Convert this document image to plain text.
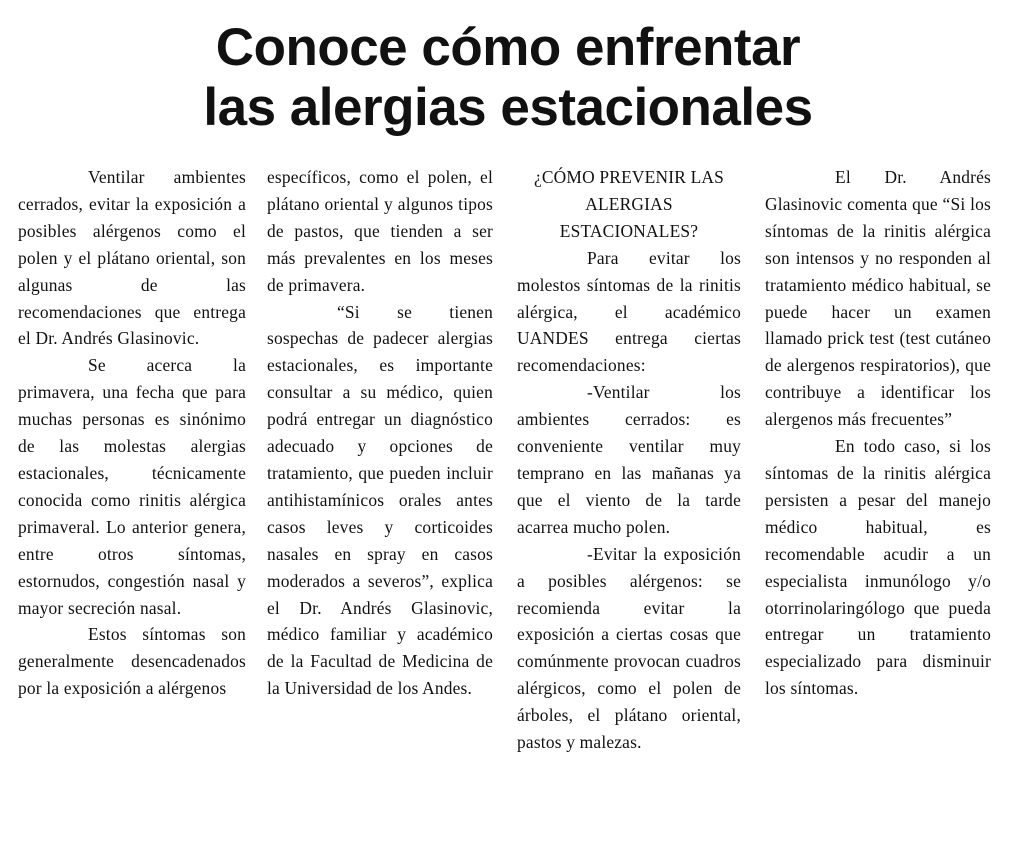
Conoce cómo enfrentar
las alergias estacionales

Ventilar ambientes cerrados, evitar la exposición a posibles alérgenos como el polen y el plátano oriental, son algunas de las recomendaciones que entrega el Dr. Andrés Glasinovic.

Se acerca la primavera, una fecha que para muchas personas es sinónimo de las molestas alergias estacionales, técnicamente conocida como rinitis alérgica primaveral. Lo anterior genera, entre otros síntomas, estornudos, congestión nasal y mayor secreción nasal.

Estos síntomas son generalmente desencadenados por la exposición a alérgenos

específicos, como el polen, el plátano oriental y algunos tipos de pastos, que tienden a ser más prevalentes en los meses de primavera.

“Si se tienen sospechas de padecer alergias estacionales, es importante consultar a su médico, quien podrá entregar un diagnóstico adecuado y opciones de tratamiento, que pueden incluir antihistamínicos orales antes casos leves y corticoides nasales en spray en casos moderados a severos”, explica el Dr. Andrés Glasinovic, médico familiar y académico de la Facultad de Medicina de la Universidad de los Andes.

¿CÓMO PREVENIR LAS ALERGIAS ESTACIONALES?

Para evitar los molestos síntomas de la rinitis alérgica, el académico UANDES entrega ciertas recomendaciones:

-Ventilar los ambientes cerrados: es conveniente ventilar muy temprano en las mañanas ya que el viento de la tarde acarrea mucho polen.

-Evitar la exposición a posibles alérgenos: se recomienda evitar la exposición a ciertas cosas que comúnmente provocan cuadros alérgicos, como el polen de árboles, el plátano oriental, pastos y malezas.

El Dr. Andrés Glasinovic comenta que “Si los síntomas de la rinitis alérgica son intensos y no responden al tratamiento médico habitual, se puede hacer un examen llamado prick test (test cutáneo de alergenos respiratorios), que contribuye a identificar los alergenos más frecuentes”

En todo caso, si los síntomas de la rinitis alérgica persisten a pesar del manejo médico habitual, es recomendable acudir a un especialista inmunólogo y/o otorrinolaringólogo que pueda entregar un tratamiento especializado para disminuir los síntomas.
